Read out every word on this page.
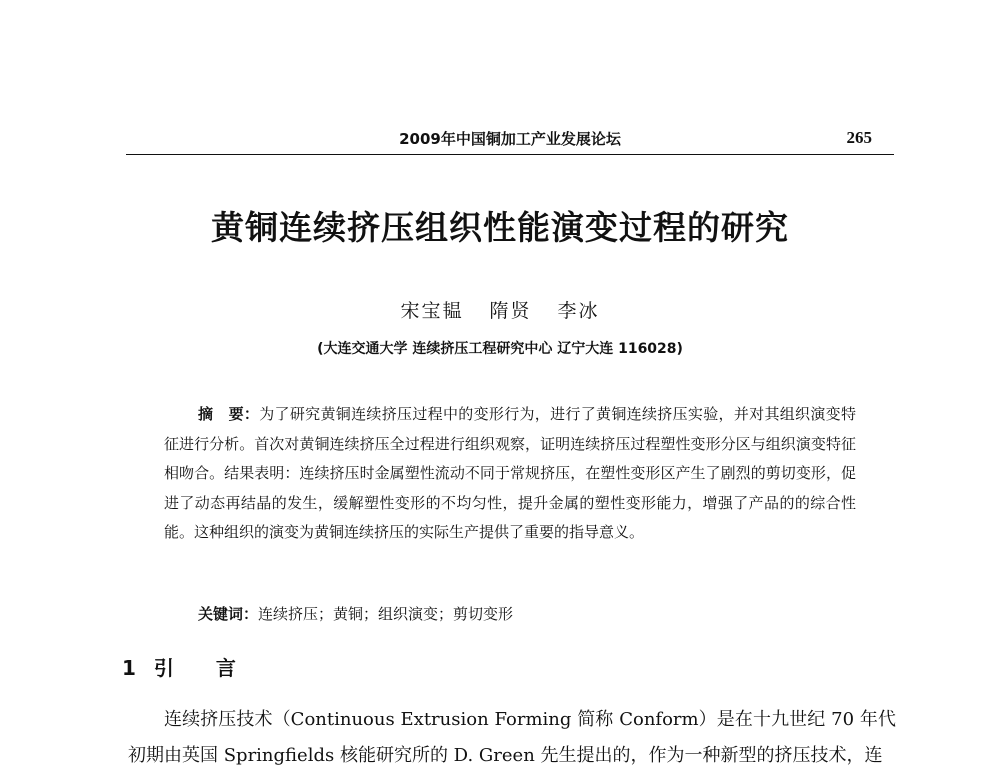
2009年中国铜加工产业发展论坛	265
黄铜连续挤压组织性能演变过程的研究
宋宝韫 隋贤 李冰
(大连交通大学 连续挤压工程研究中心 辽宁大连 116028)
摘　要：为了研究黄铜连续挤压过程中的变形行为，进行了黄铜连续挤压实验，并对其组织演变特征进行分析。首次对黄铜连续挤压全过程进行组织观察，证明连续挤压过程塑性变形分区与组织演变特征相吻合。结果表明：连续挤压时金属塑性流动不同于常规挤压，在塑性变形区产生了剧烈的剪切变形，促进了动态再结晶的发生，缓解塑性变形的不均匀性，提升金属的塑性变形能力，增强了产品的的综合性能。这种组织的演变为黄铜连续挤压的实际生产提供了重要的指导意义。
关键词：连续挤压；黄铜；组织演变；剪切变形
1 引言

连续挤压技术（Continuous Extrusion Forming 简称 Conform）是在十九世纪 70 年代初期由英国 Springfields 核能研究所的 D. Green 先生提出的，作为一种新型的挤压技术，连
